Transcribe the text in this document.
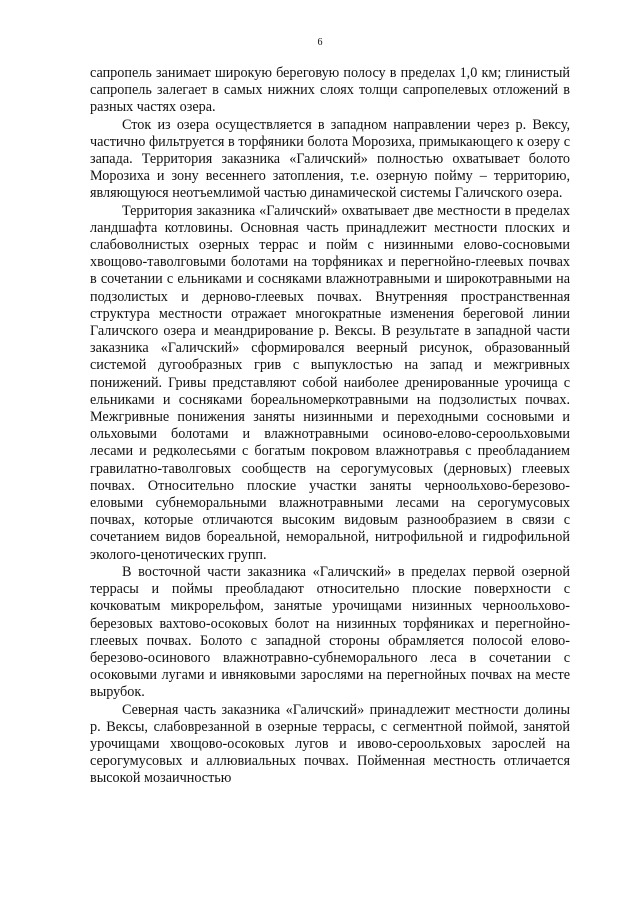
6

сапропель занимает широкую береговую полосу в пределах 1,0 км; глинистый сапропель залегает в самых нижних слоях толщи сапропелевых отложений в разных частях озера.

Сток из озера осуществляется в западном направлении через р. Вексу, частично фильтруется в торфяники болота Морозиха, примыкающего к озеру с запада. Территория заказника «Галичский» полностью охватывает болото Морозиха и зону весеннего затопления, т.е. озерную пойму – территорию, являющуюся неотъемлимой частью динамической системы Галичского озера.

Территория заказника «Галичский» охватывает две местности в пределах ландшафта котловины. Основная часть принадлежит местности плоских и слабоволнистых озерных террас и пойм с низинными елово-сосновыми хвощово-таволговыми болотами на торфяниках и перегнойно-глеевых почвах в сочетании с ельниками и сосняками влажнотравными и широкотравными на подзолистых и дерново-глеевых почвах. Внутренняя пространственная структура местности отражает многократные изменения береговой линии Галичского озера и меандрирование р. Вексы. В результате в западной части заказника «Галичский» сформировался веерный рисунок, образованный системой дугообразных грив с выпуклостью на запад и межгривных понижений. Гривы представляют собой наиболее дренированные урочища с ельниками и сосняками бореальномеркотравными на подзолистых почвах. Межгривные понижения заняты низинными и переходными сосновыми и ольховыми болотами и влажнотравными осиново-елово-сероольховыми лесами и редколесьями с богатым покровом влажнотравья с преобладанием гравилатно-таволговых сообществ на серогумусовых (дерновых) глеевых почвах. Относительно плоские участки заняты черноольхово-березово-еловыми субнеморальными влажнотравными лесами на серогумусовых почвах, которые отличаются высоким видовым разнообразием в связи с сочетанием видов бореальной, неморальной, нитрофильной и гидрофильной эколого-ценотических групп.

В восточной части заказника «Галичский» в пределах первой озерной террасы и поймы преобладают относительно плоские поверхности с кочковатым микрорельфом, занятые урочищами низинных черноольхово-березовых вахтово-осоковых болот на низинных торфяниках и перегнойно-глеевых почвах. Болото с западной стороны обрамляется полосой елово-березово-осинового влажнотравно-субнеморального леса в сочетании с осоковыми лугами и ивняковыми зарослями на перегнойных почвах на месте вырубок.

Северная часть заказника «Галичский» принадлежит местности долины р. Вексы, слабоврезанной в озерные террасы, с сегментной поймой, занятой урочищами хвощово-осоковых лугов и ивово-сероольховых зарослей на серогумусовых и аллювиальных почвах. Пойменная местность отличается высокой мозаичностью
